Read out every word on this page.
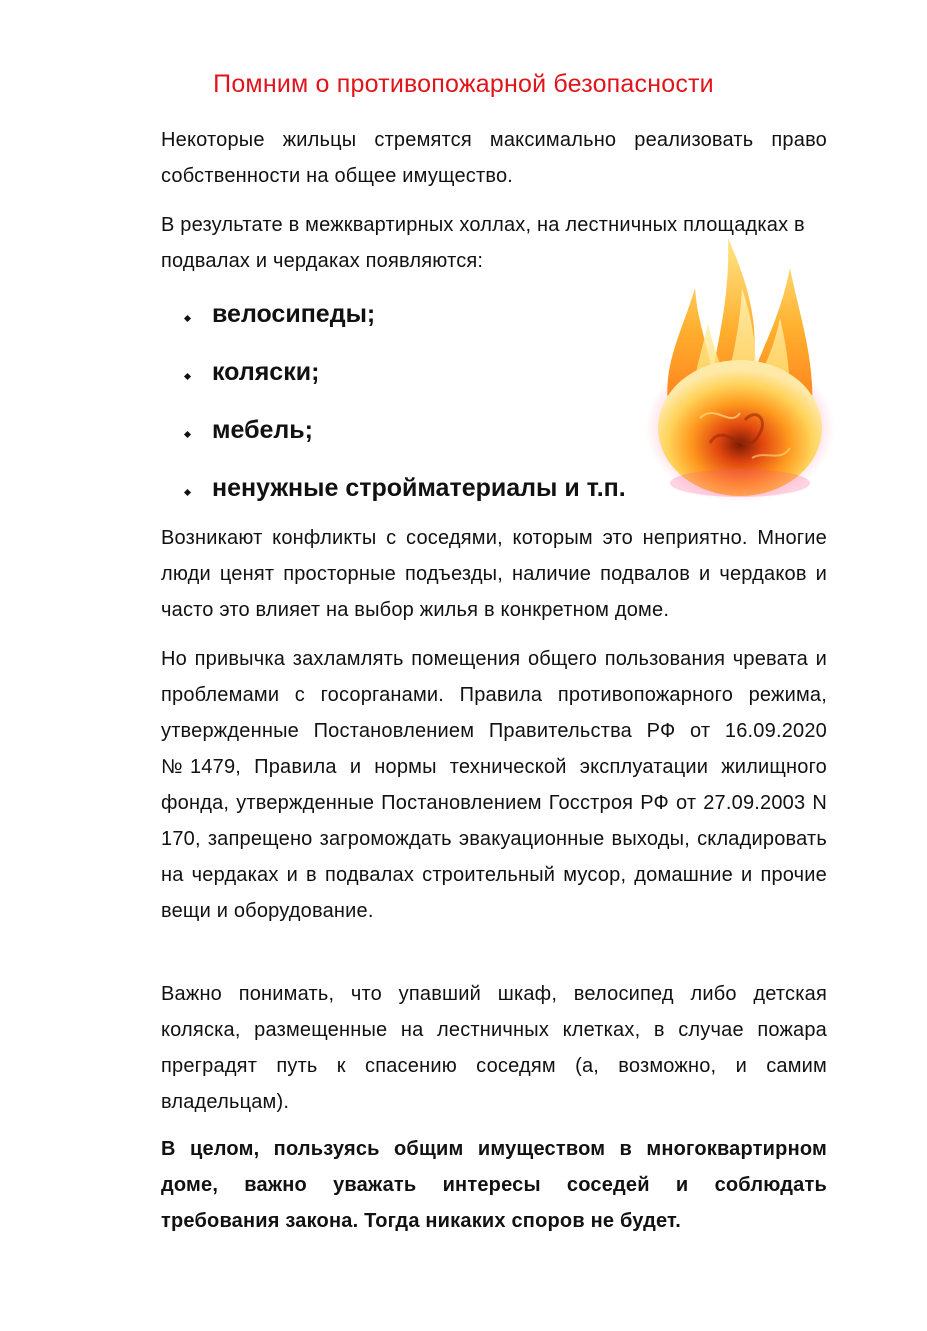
Помним о противопожарной безопасности

Некоторые жильцы стремятся максимально реализовать право собственности на общее имущество.

В результате в межквартирных холлах, на лестничных площадках в подвалах и чердаках появляются:

велосипеды;
коляски;
мебель;
ненужные стройматериалы и т.п.

Возникают конфликты с соседями, которым это неприятно. Многие люди ценят просторные подъезды, наличие подвалов и чердаков и часто это влияет на выбор жилья в конкретном доме.

Но привычка захламлять помещения общего пользования чревата и проблемами с госорганами. Правила противопожарного режима, утвержденные Постановлением Правительства РФ от 16.09.2020 №1479, Правила и нормы технической эксплуатации жилищного фонда, утвержденные Постановлением Госстроя РФ от 27.09.2003 N 170, запрещено загромождать эвакуационные выходы, складировать на чердаках и в подвалах строительный мусор, домашние и прочие вещи и оборудование.

Важно понимать, что упавший шкаф, велосипед либо детская коляска, размещенные на лестничных клетках, в случае пожара преградят путь к спасению соседям (а, возможно, и самим владельцам).

В целом, пользуясь общим имуществом в многоквартирном доме, важно уважать интересы соседей и соблюдать требования закона. Тогда никаких споров не будет.
